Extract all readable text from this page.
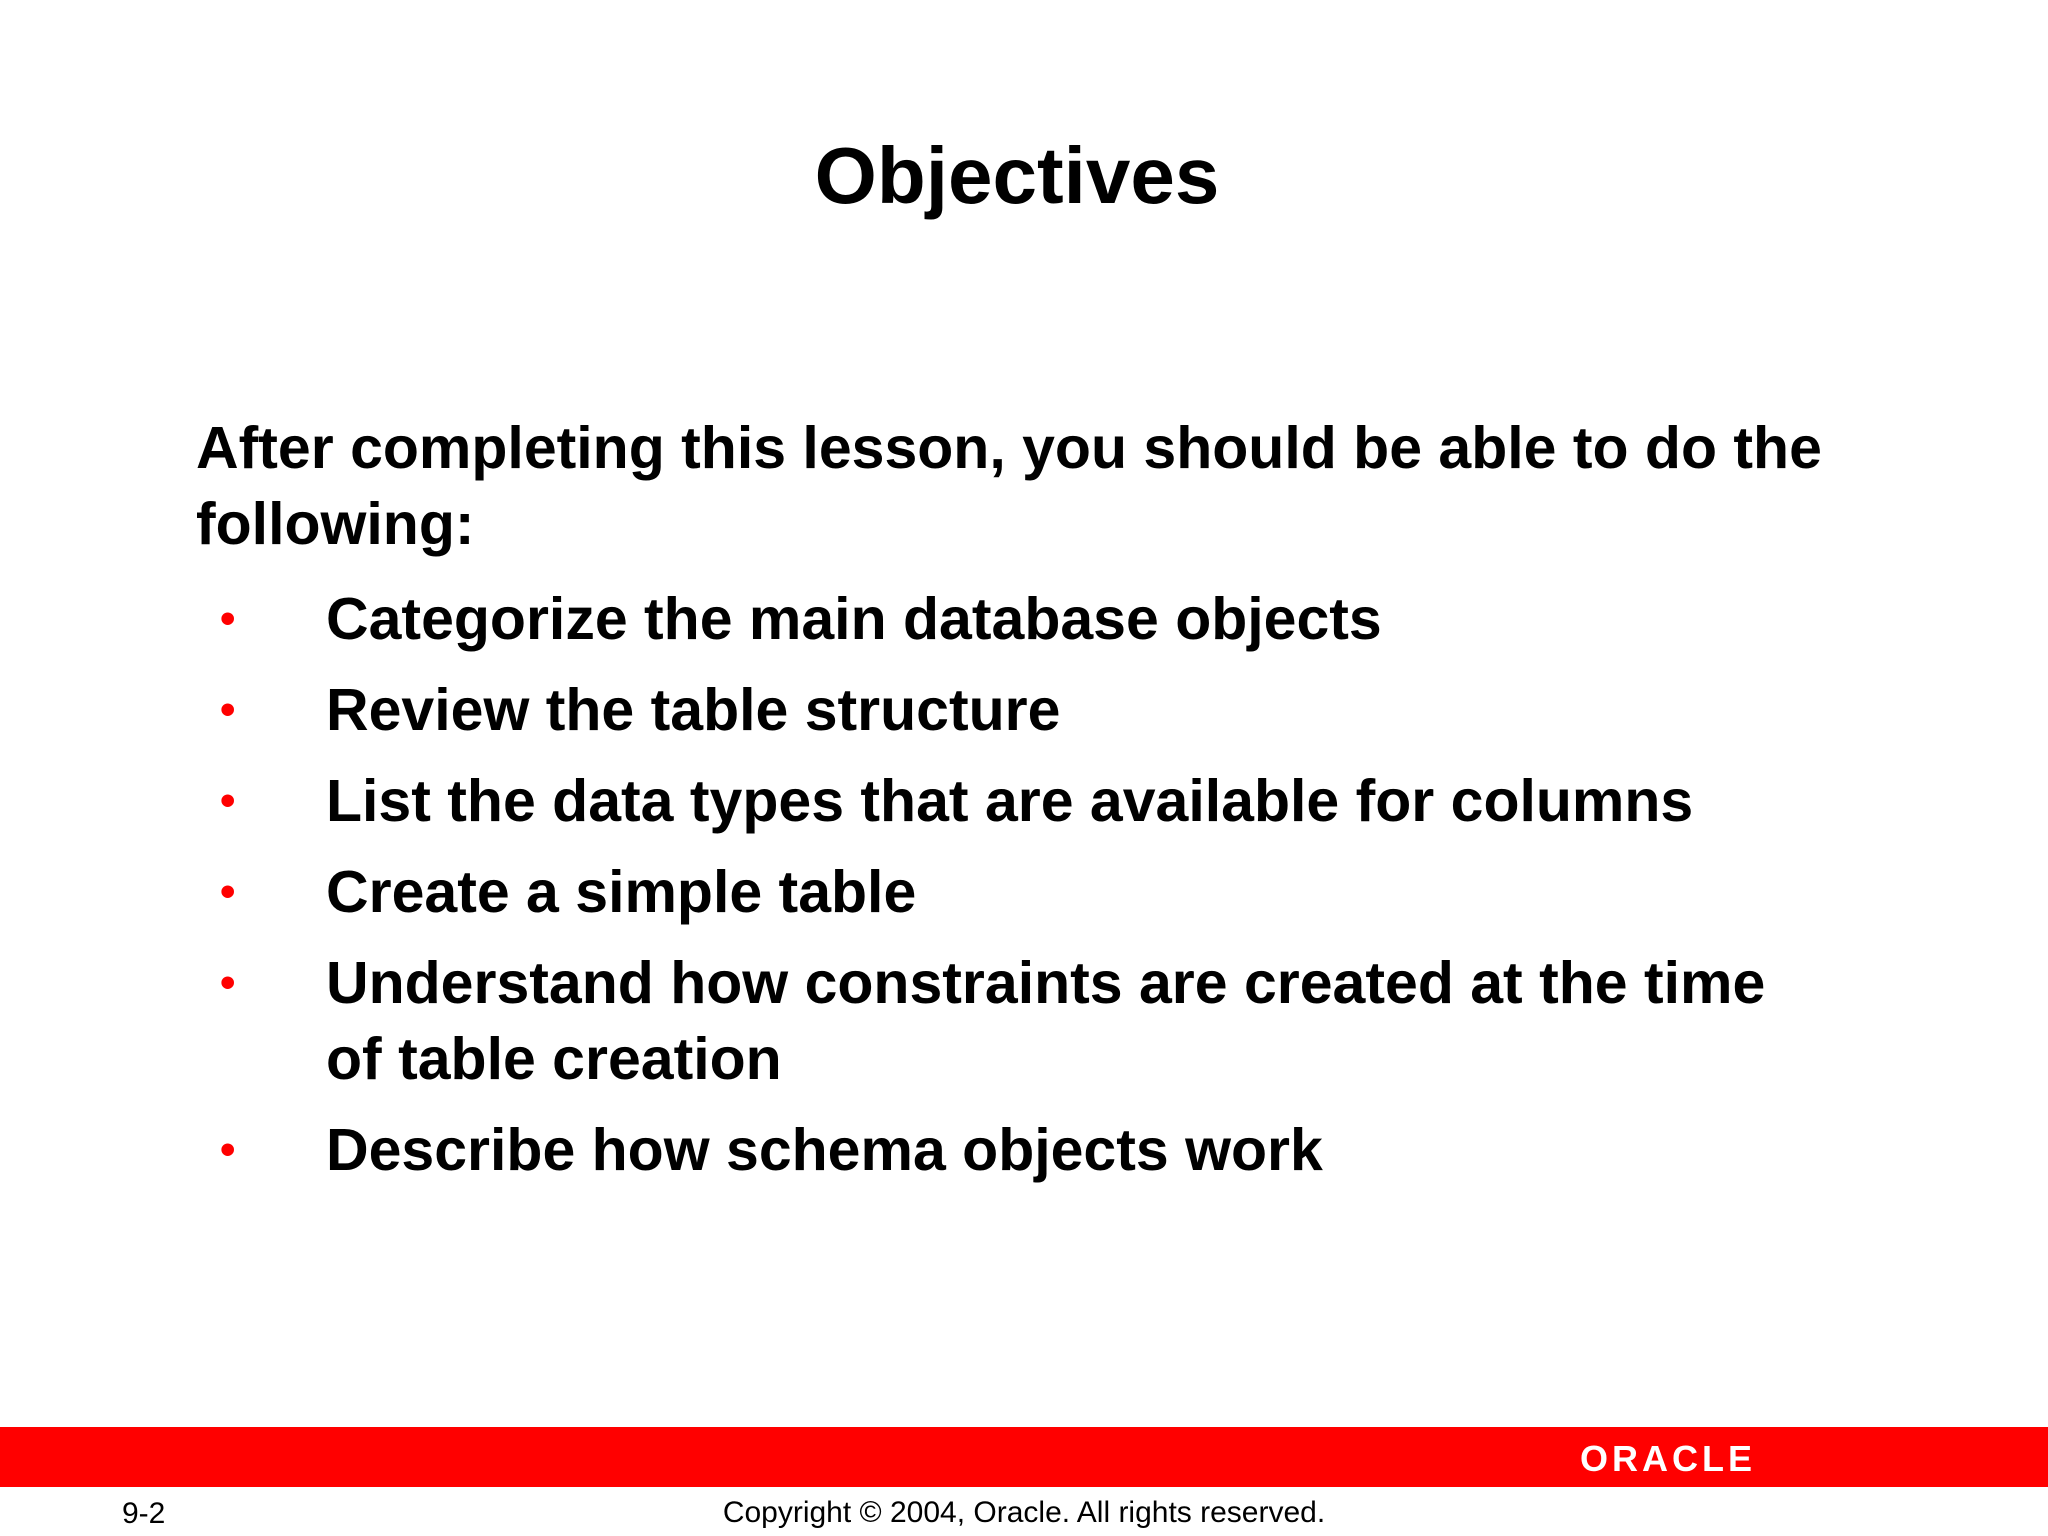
Objectives

After completing this lesson, you should be able to do the following:

• Categorize the main database objects
• Review the table structure
• List the data types that are available for columns
• Create a simple table
• Understand how constraints are created at the time of table creation
• Describe how schema objects work
ORACLE
9-2	Copyright © 2004, Oracle. All rights reserved.
